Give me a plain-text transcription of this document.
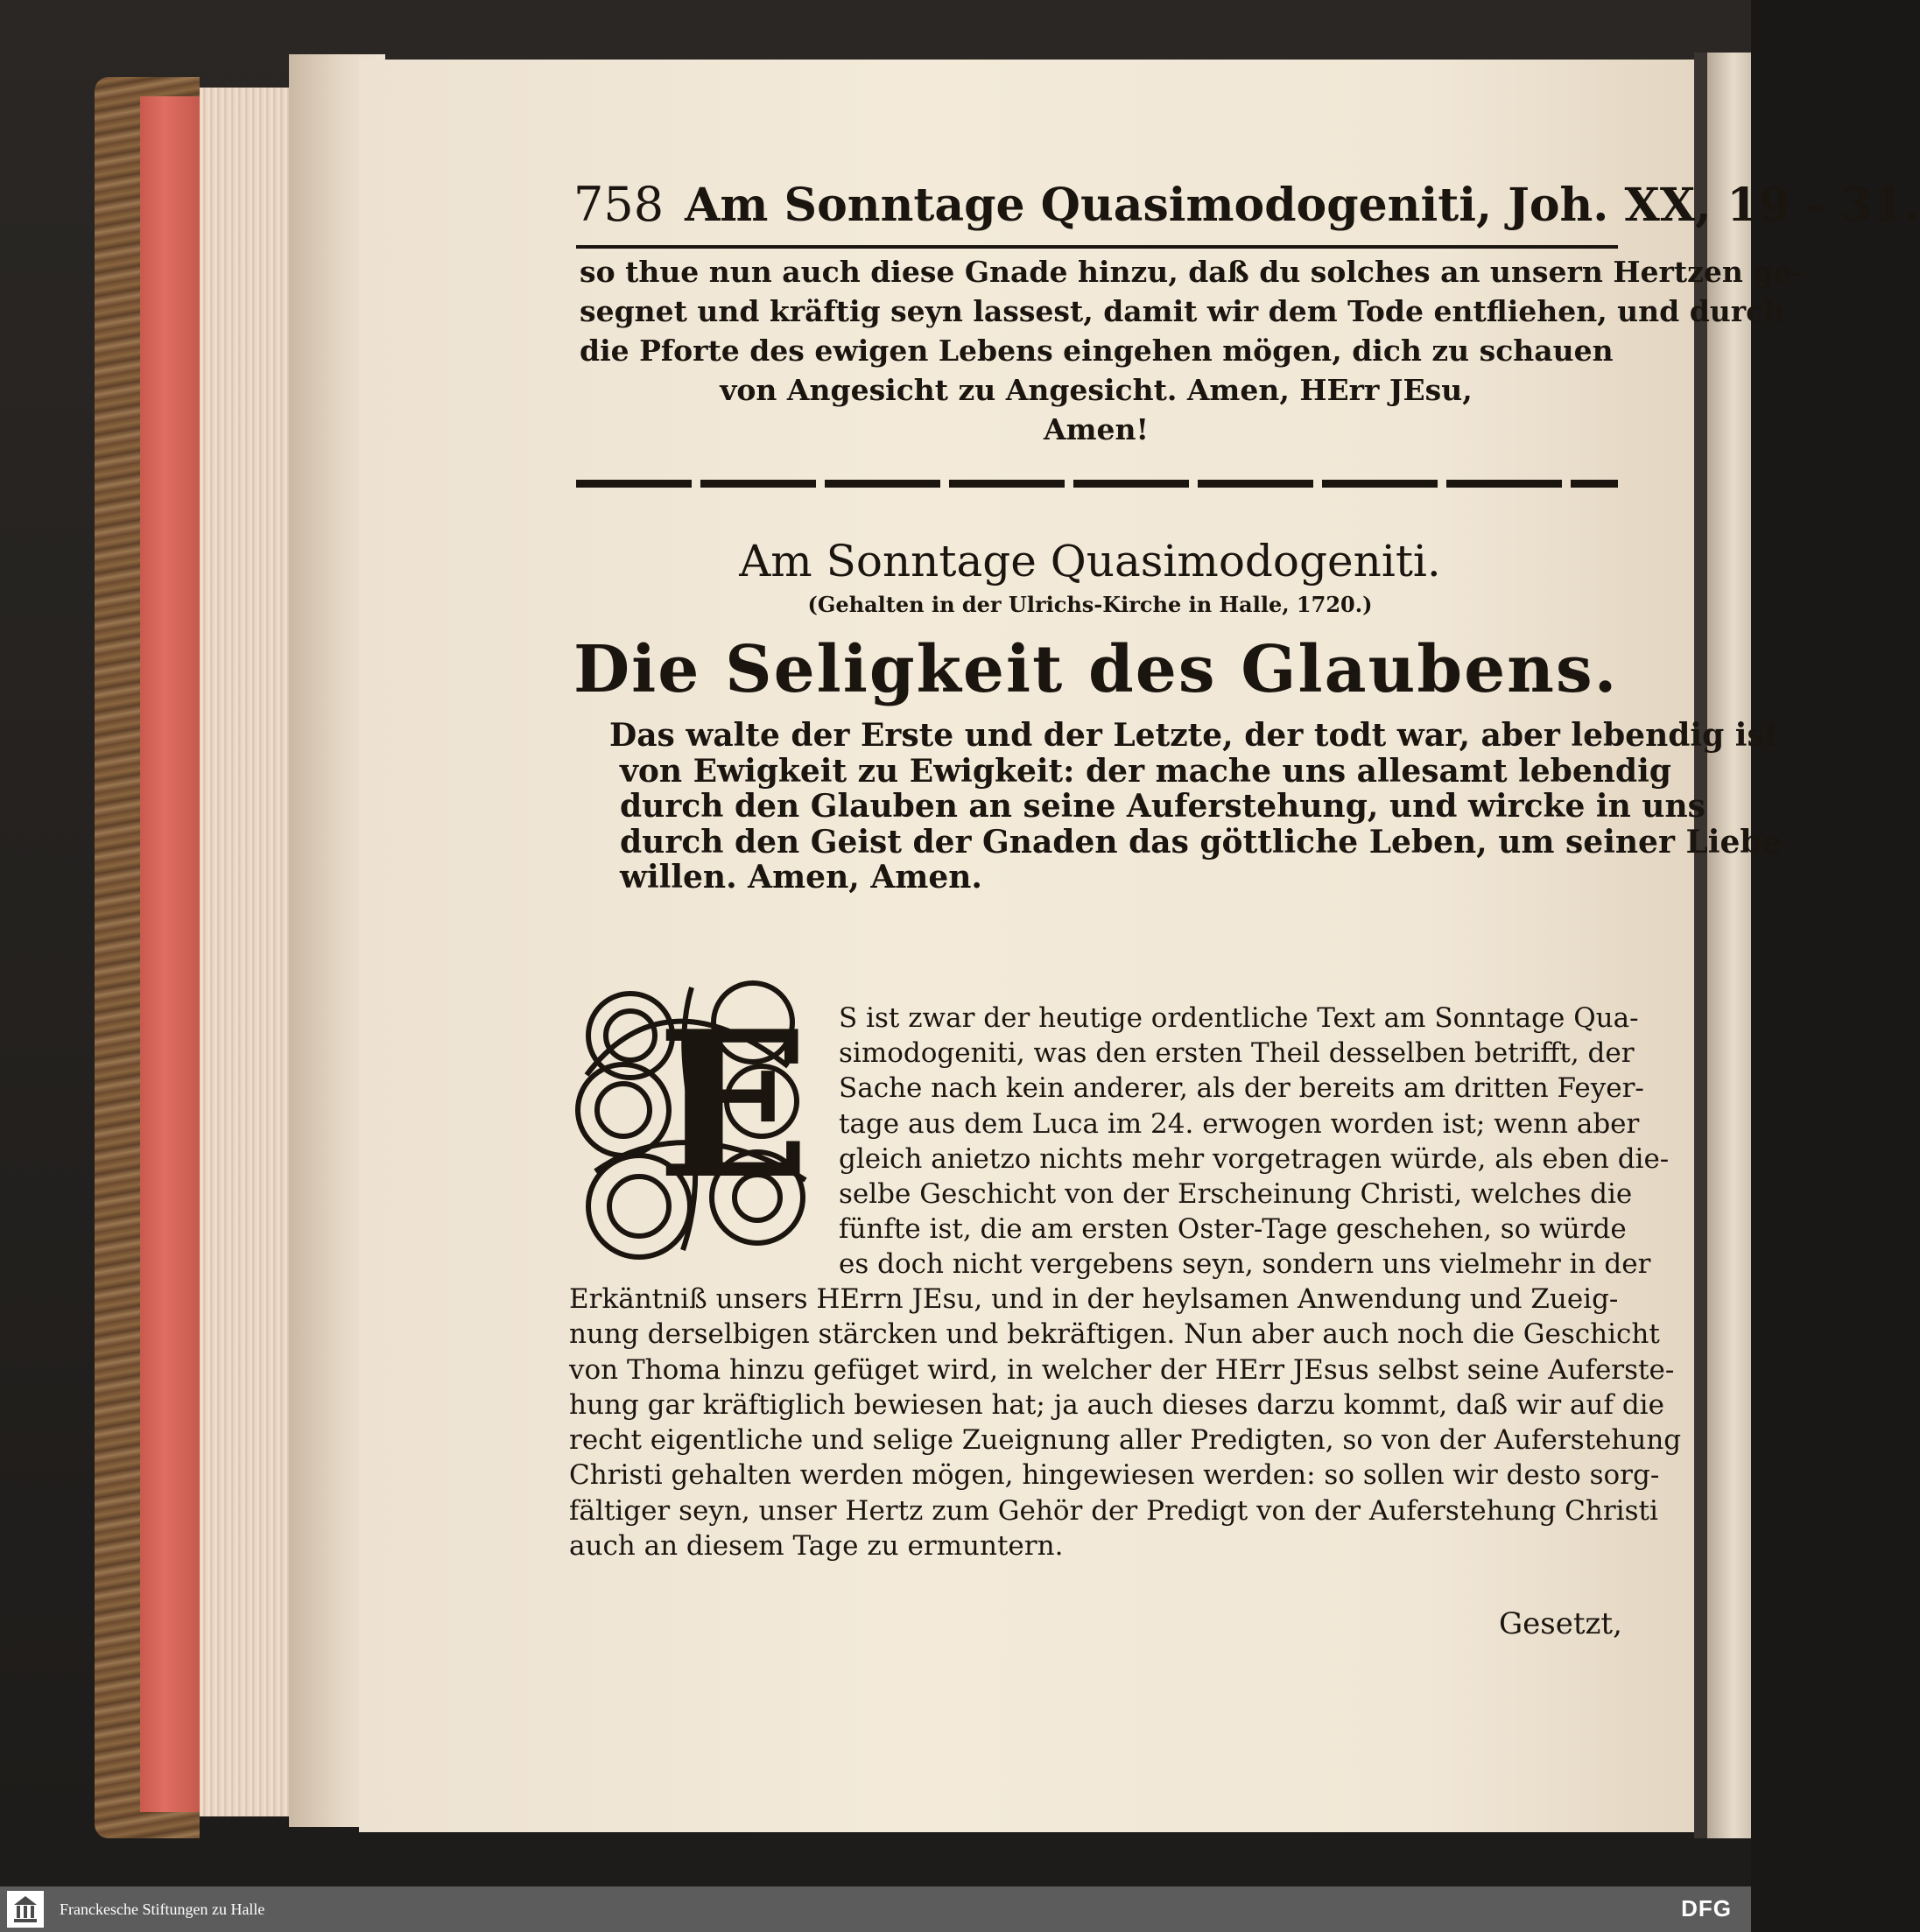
758 Am Sonntage Quasimodogeniti, Joh. XX, 19 - 31.

so thue nun auch diese Gnade hinzu, daß du solches an unsern Hertzen ge-

segnet und kräftig seyn lassest, damit wir dem Tode entfliehen, und durch

die Pforte des ewigen Lebens eingehen mögen, dich zu schauen

von Angesicht zu Angesicht. Amen, HErr JEsu,

Amen!

Am Sonntage Quasimodogeniti.
(Gehalten in der Ulrichs-Kirche in Halle, 1720.)
Die Seligkeit des Glaubens.

Das walte der Erste und der Letzte, der todt war, aber lebendig ist

von Ewigkeit zu Ewigkeit: der mache uns allesamt lebendig

durch den Glauben an seine Auferstehung, und wircke in uns

durch den Geist der Gnaden das göttliche Leben, um seiner Liebe

willen. Amen, Amen.

E S ist zwar der heutige ordentliche Text am Sonntage Qua-

simodogeniti, was den ersten Theil desselben betrifft, der

Sache nach kein anderer, als der bereits am dritten Feyer-

tage aus dem Luca im 24. erwogen worden ist; wenn aber

gleich anietzo nichts mehr vorgetragen würde, als eben die-

selbe Geschicht von der Erscheinung Christi, welches die

fünfte ist, die am ersten Oster-Tage geschehen, so würde

es doch nicht vergebens seyn, sondern uns vielmehr in der

Erkäntniß unsers HErrn JEsu, und in der heylsamen Anwendung und Zueig-

nung derselbigen stärcken und bekräftigen. Nun aber auch noch die Geschicht

von Thoma hinzu gefüget wird, in welcher der HErr JEsus selbst seine Auferste-

hung gar kräftiglich bewiesen hat; ja auch dieses darzu kommt, daß wir auf die

recht eigentliche und selige Zueignung aller Predigten, so von der Auferstehung

Christi gehalten werden mögen, hingewiesen werden: so sollen wir desto sorg-

fältiger seyn, unser Hertz zum Gehör der Predigt von der Auferstehung Christi

auch an diesem Tage zu ermuntern.

Gesetzt,
Franckesche Stiftungen zu Halle	DFG
